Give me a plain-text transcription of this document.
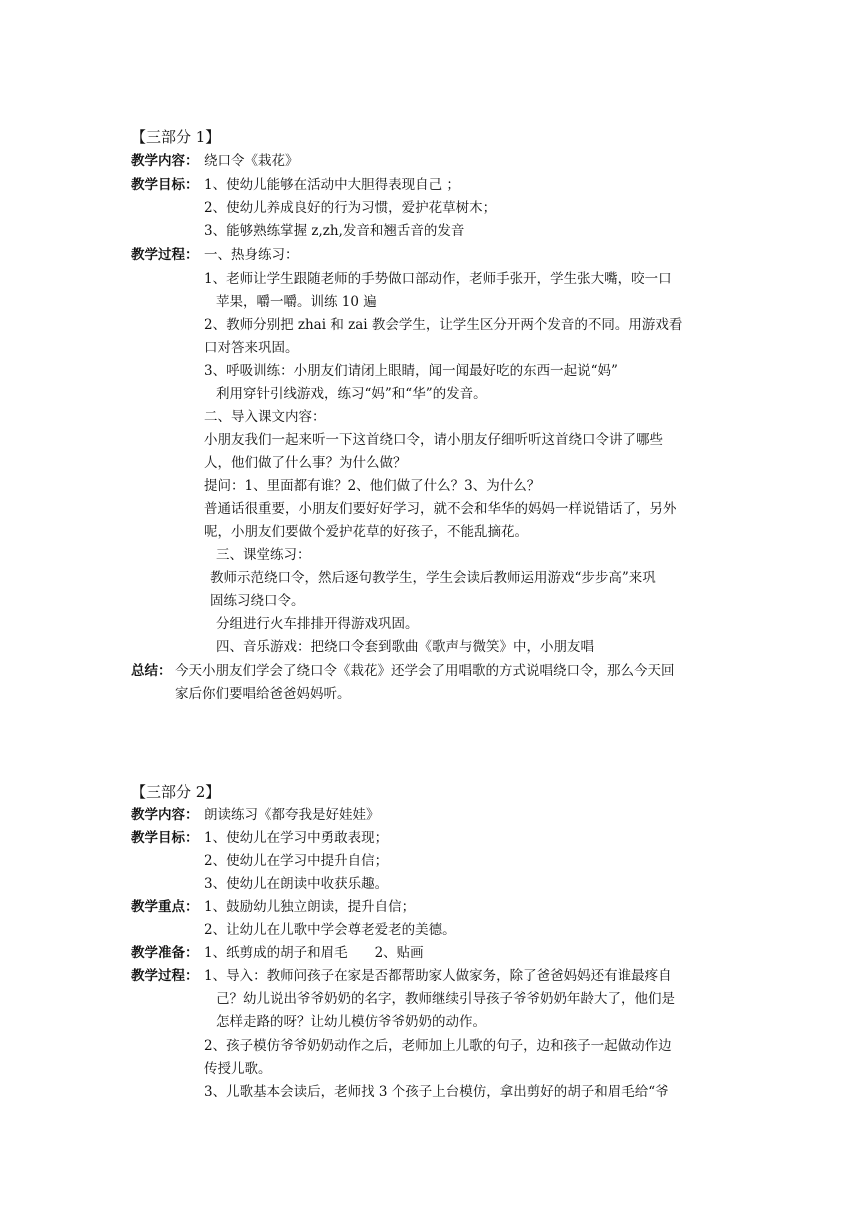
【三部分 1】
教学内容： 绕口令《栽花》
教学目标： 1、使幼儿能够在活动中大胆得表现自己 ；
2、使幼儿养成良好的行为习惯，爱护花草树木；
3、能够熟练掌握 z,zh,发音和翘舌音的发音
教学过程： 一、热身练习：
1、老师让学生跟随老师的手势做口部动作，老师手张开，学生张大嘴，咬一口
苹果，嚼一嚼。训练 10 遍
2、教师分别把 zhai 和 zai 教会学生，让学生区分开两个发音的不同。用游戏看
口对答来巩固。
3、呼吸训练：小朋友们请闭上眼睛，闻一闻最好吃的东西一起说“妈”
利用穿针引线游戏，练习“妈”和“华”的发音。
二、导入课文内容：
小朋友我们一起来听一下这首绕口令，请小朋友仔细听听这首绕口令讲了哪些
人，他们做了什么事？为什么做？
提问：1、里面都有谁？2、他们做了什么？3、为什么？
普通话很重要，小朋友们要好好学习，就不会和华华的妈妈一样说错话了，另外
呢，小朋友们要做个爱护花草的好孩子，不能乱摘花。
三、课堂练习：
教师示范绕口令，然后逐句教学生，学生会读后教师运用游戏“步步高”来巩
固练习绕口令。
分组进行火车排排开得游戏巩固。
四、音乐游戏：把绕口令套到歌曲《歌声与微笑》中，小朋友唱
总结： 今天小朋友们学会了绕口令《栽花》还学会了用唱歌的方式说唱绕口令，那么今天回
家后你们要唱给爸爸妈妈听。
【三部分 2】
教学内容： 朗读练习《都夸我是好娃娃》
教学目标： 1、使幼儿在学习中勇敢表现；
2、使幼儿在学习中提升自信；
3、使幼儿在朗读中收获乐趣。
教学重点： 1、鼓励幼儿独立朗读，提升自信；
2、让幼儿在儿歌中学会尊老爱老的美德。
教学准备： 1、纸剪成的胡子和眉毛　　2、贴画
教学过程： 1、导入：教师问孩子在家是否都帮助家人做家务，除了爸爸妈妈还有谁最疼自
己？幼儿说出爷爷奶奶的名字，教师继续引导孩子爷爷奶奶年龄大了，他们是
怎样走路的呀？让幼儿模仿爷爷奶奶的动作。
2、孩子模仿爷爷奶奶动作之后，老师加上儿歌的句子，边和孩子一起做动作边
传授儿歌。
3、儿歌基本会读后，老师找 3 个孩子上台模仿，拿出剪好的胡子和眉毛给“爷
